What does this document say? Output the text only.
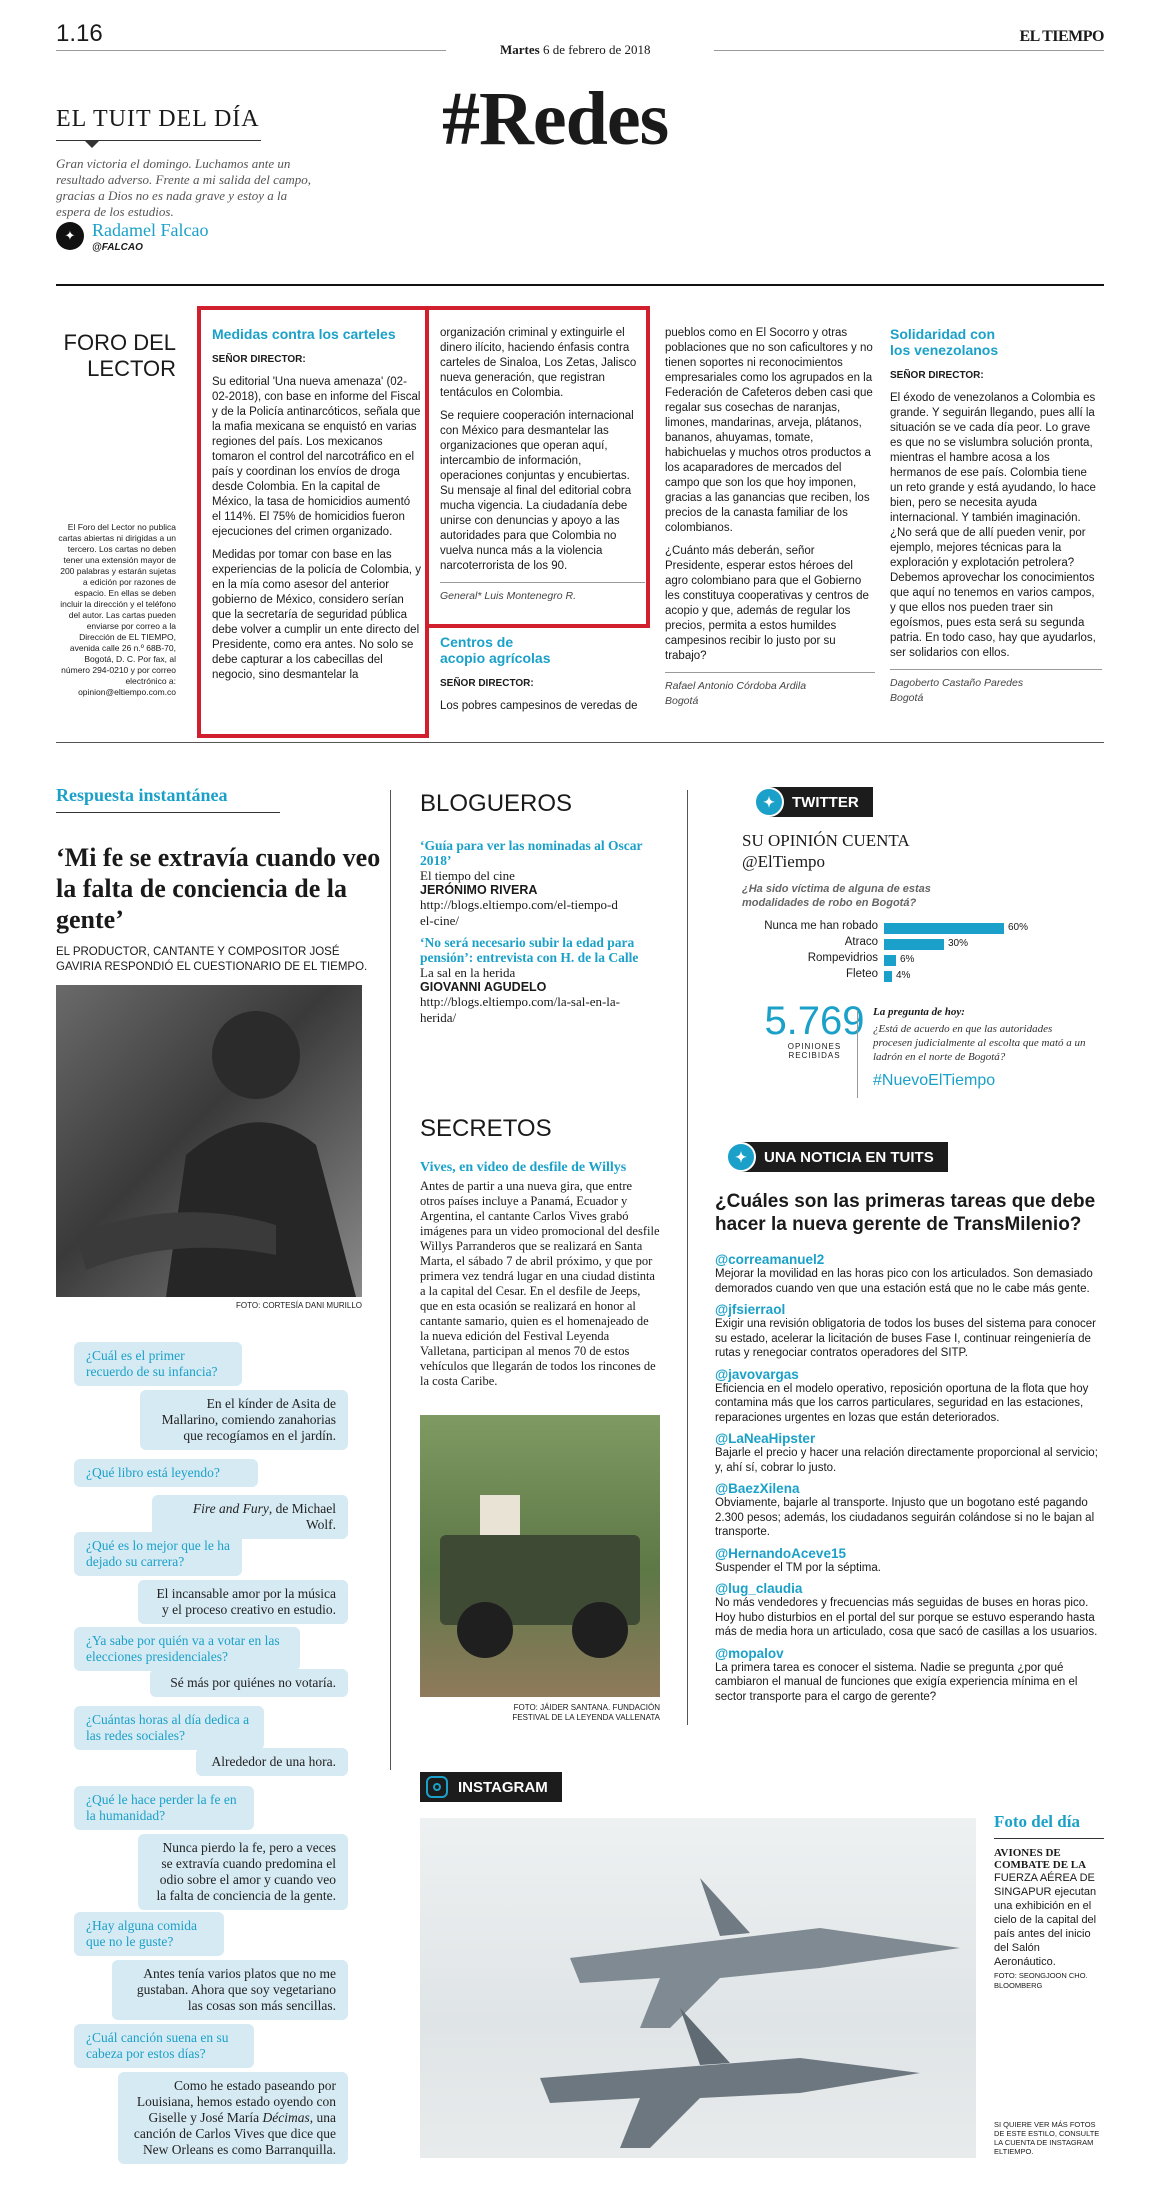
1.16
Martes 6 de febrero de 2018
EL TIEMPO
#Redes
EL TUIT DEL DÍA
Gran victoria el domingo. Luchamos ante un resultado adverso. Frente a mi salida del campo, gracias a Dios no es nada grave y estoy a la espera de los estudios.
✦ Radamel Falcao
@FALCAO
FORO DEL
LECTOR
El Foro del Lector no publica cartas abiertas ni dirigidas a un tercero. Los cartas no deben tener una extensión mayor de 200 palabras y estarán sujetas a edición por razones de espacio. En ellas se deben incluir la dirección y el teléfono del autor. Las cartas pueden enviarse por correo a la Dirección de EL TIEMPO, avenida calle 26 n.º 68B-70, Bogotá, D. C. Por fax, al número 294-0210 y por correo electrónico a: opinion@eltiempo.com.co
Medidas contra los carteles
SEÑOR DIRECTOR:

Su editorial 'Una nueva amenaza' (02-02-2018), con base en informe del Fiscal y de la Policía antinarcóticos, señala que la mafia mexicana se enquistó en varias regiones del país. Los mexicanos tomaron el control del narcotráfico en el país y coordinan los envíos de droga desde Colombia. En la capital de México, la tasa de homicidios aumentó el 114%. El 75% de homicidios fueron ejecuciones del crimen organizado.

Medidas por tomar con base en las experiencias de la policía de Colombia, y en la mía como asesor del anterior gobierno de México, considero serían que la secretaría de seguridad pública debe volver a cumplir un ente directo del Presidente, como era antes. No solo se debe capturar a los cabecillas del negocio, sino desmantelar la

organización criminal y extinguirle el dinero ilícito, haciendo énfasis contra carteles de Sinaloa, Los Zetas, Jalisco nueva generación, que registran tentáculos en Colombia.

Se requiere cooperación internacional con México para desmantelar las organizaciones que operan aquí, intercambio de información, operaciones conjuntas y encubiertas. Su mensaje al final del editorial cobra mucha vigencia. La ciudadanía debe unirse con denuncias y apoyo a las autoridades para que Colombia no vuelva nunca más a la violencia narcoterrorista de los 90.

General* Luis Montenegro R.
Centros de
acopio agrícolas
SEÑOR DIRECTOR:

Los pobres campesinos de veredas de

pueblos como en El Socorro y otras poblaciones que no son caficultores y no tienen soportes ni reconocimientos empresariales como los agrupados en la Federación de Cafeteros deben casi que regalar sus cosechas de naranjas, limones, mandarinas, arveja, plátanos, bananos, ahuyamas, tomate, habichuelas y muchos otros productos a los acaparadores de mercados del campo que son los que hoy imponen, gracias a las ganancias que reciben, los precios de la canasta familiar de los colombianos.

¿Cuánto más deberán, señor Presidente, esperar estos héroes del agro colombiano para que el Gobierno les constituya cooperativas y centros de acopio y que, además de regular los precios, permita a estos humildes campesinos recibir lo justo por su trabajo?

Rafael Antonio Córdoba Ardila
Bogotá
Solidaridad con
los venezolanos
SEÑOR DIRECTOR:

El éxodo de venezolanos a Colombia es grande. Y seguirán llegando, pues allí la situación se ve cada día peor. Lo grave es que no se vislumbra solución pronta, mientras el hambre acosa a los hermanos de ese país. Colombia tiene un reto grande y está ayudando, lo hace bien, pero se necesita ayuda internacional. Y también imaginación. ¿No será que de allí pueden venir, por ejemplo, mejores técnicas para la exploración y explotación petrolera? Debemos aprovechar los conocimientos que aquí no tenemos en varios campos, y que ellos nos pueden traer sin egoísmos, pues esta será su segunda patria. En todo caso, hay que ayudarlos, ser solidarios con ellos.

Dagoberto Castaño Paredes
Bogotá
Respuesta instantánea
‘Mi fe se extravía cuando veo la falta de conciencia de la gente’
EL PRODUCTOR, CANTANTE Y COMPOSITOR JOSÉ GAVIRIA RESPONDIÓ EL CUESTIONARIO DE EL TIEMPO.
FOTO: CORTESÍA DANI MURILLO
¿Cuál es el primer recuerdo de su infancia?
En el kínder de Asita de Mallarino, comiendo zanahorias que recogíamos en el jardín.
¿Qué libro está leyendo?
Fire and Fury, de Michael Wolf.
¿Qué es lo mejor que le ha dejado su carrera?
El incansable amor por la música y el proceso creativo en estudio.
¿Ya sabe por quién va a votar en las elecciones presidenciales?
Sé más por quiénes no votaría.
¿Cuántas horas al día dedica a las redes sociales?
Alrededor de una hora.
¿Qué le hace perder la fe en la humanidad?
Nunca pierdo la fe, pero a veces se extravía cuando predomina el odio sobre el amor y cuando veo la falta de conciencia de la gente.
¿Hay alguna comida que no le guste?
Antes tenía varios platos que no me gustaban. Ahora que soy vegetariano las cosas son más sencillas.
¿Cuál canción suena en su cabeza por estos días?
Como he estado paseando por Louisiana, hemos estado oyendo con Giselle y José María Décimas, una canción de Carlos Vives que dice que New Orleans es como Barranquilla.
BLOGUEROS
‘Guía para ver las nominadas al Oscar 2018’
El tiempo del cine
JERÓNIMO RIVERA
http://blogs.eltiempo.com/el-tiempo-del-cine/
‘No será necesario subir la edad para pensión’: entrevista con H. de la Calle
La sal en la herida
GIOVANNI AGUDELO
http://blogs.eltiempo.com/la-sal-en-la-herida/
SECRETOS
Vives, en video de desfile de Willys
Antes de partir a una nueva gira, que entre otros países incluye a Panamá, Ecuador y Argentina, el cantante Carlos Vives grabó imágenes para un video promocional del desfile Willys Parranderos que se realizará en Santa Marta, el sábado 7 de abril próximo, y que por primera vez tendrá lugar en una ciudad distinta a la capital del Cesar. En el desfile de Jeeps, que en esta ocasión se realizará en honor al cantante samario, quien es el homenajeado de la nueva edición del Festival Leyenda Valletana, participan al menos 70 de estos vehículos que llegarán de todos los rincones de la costa Caribe.
FOTO: JÁIDER SANTANA. FUNDACIÓN
FESTIVAL DE LA LEYENDA VALLENATA
✦	TWITTER
SU OPINIÓN CUENTA
@ElTiempo
¿Ha sido víctima de alguna de estas modalidades de robo en Bogotá?
Nunca me han robado	60%
Atraco	30%
Rompevidrios 6%
Fleteo 4%
5.769
OPINIONES
RECIBIDAS
La pregunta de hoy:
¿Está de acuerdo en que las autoridades procesen judicialmente al escolta que mató a un ladrón en el norte de Bogotá?
#NuevoElTiempo
✦	UNA NOTICIA EN TUITS
¿Cuáles son las primeras tareas que debe hacer la nueva gerente de TransMilenio?
@correamanuel2
Mejorar la movilidad en las horas pico con los articulados. Son demasiado demorados cuando ven que una estación está que no le cabe más gente.
@jfsierraol
Exigir una revisión obligatoria de todos los buses del sistema para conocer su estado, acelerar la licitación de buses Fase I, continuar reingeniería de rutas y renegociar contratos operadores del SITP.
@javovargas
Eficiencia en el modelo operativo, reposición oportuna de la flota que hoy contamina más que los carros particulares, seguridad en las estaciones, reparaciones urgentes en lozas que están deteriorados.
@LaNeaHipster
Bajarle el precio y hacer una relación directamente proporcional al servicio; y, ahí sí, cobrar lo justo.
@BaezXilena
Obviamente, bajarle al transporte. Injusto que un bogotano esté pagando 2.300 pesos; además, los ciudadanos seguirán colándose si no le bajan al transporte.
@HernandoAceve15
Suspender el TM por la séptima.
@lug_claudia
No más vendedores y frecuencias más seguidas de buses en horas pico. Hoy hubo disturbios en el portal del sur porque se estuvo esperando hasta más de media hora un articulado, cosa que sacó de casillas a los usuarios.
@mopalov
La primera tarea es conocer el sistema. Nadie se pregunta ¿por qué cambiaron el manual de funciones que exigía experiencia mínima en el sector transporte para el cargo de gerente?
INSTAGRAM
Foto del día
AVIONES DE
COMBATE DE LA
FUERZA AÉREA DE SINGAPUR ejecutan una exhibición en el cielo de la capital del país antes del inicio del Salón Aeronáutico.
FOTO: SEONGJOON CHO. BLOOMBERG
SI QUIERE VER MÁS FOTOS DE ESTE ESTILO, CONSULTE LA CUENTA DE INSTAGRAM ELTIEMPO.
